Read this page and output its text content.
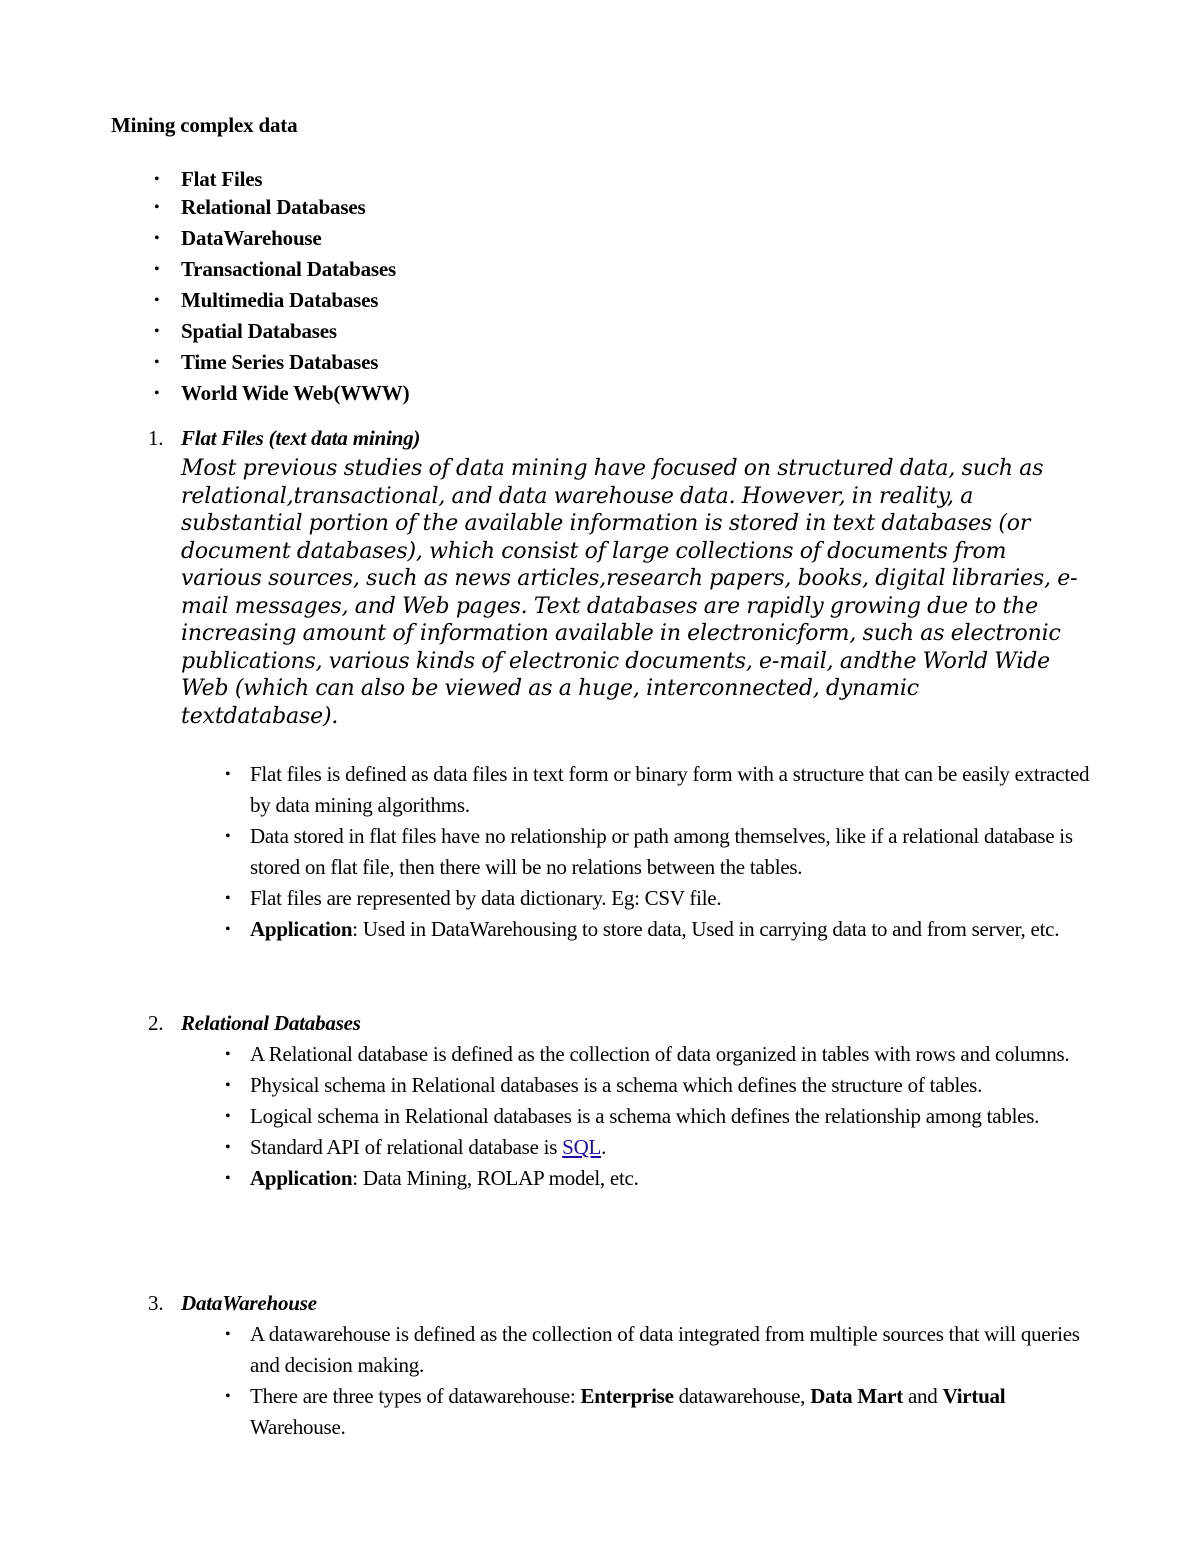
Mining complex data
• Flat Files
• Relational Databases
• DataWarehouse
• Transactional Databases
• Multimedia Databases
• Spatial Databases
• Time Series Databases
• World Wide Web(WWW)
1. Flat Files (text data mining)

Most previous studies of data mining have focused on structured data, such as relational,transactional, and data warehouse data. However, in reality, a substantial portion of the available information is stored in text databases (or document databases), which consist of large collections of documents from various sources, such as news articles,research papers, books, digital libraries, e-mail messages, and Web pages. Text databases are rapidly growing due to the increasing amount of information available in electronicform, such as electronic publications, various kinds of electronic documents, e-mail, andthe World Wide Web (which can also be viewed as a huge, interconnected, dynamic textdatabase).

• Flat files is defined as data files in text form or binary form with a structure that can be easily extracted by data mining algorithms.
• Data stored in flat files have no relationship or path among themselves, like if a relational database is stored on flat file, then there will be no relations between the tables.
• Flat files are represented by data dictionary. Eg: CSV file.
• Application: Used in DataWarehousing to store data, Used in carrying data to and from server, etc.
2. Relational Databases
• A Relational database is defined as the collection of data organized in tables with rows and columns.
• Physical schema in Relational databases is a schema which defines the structure of tables.
• Logical schema in Relational databases is a schema which defines the relationship among tables.
• Standard API of relational database is SQL.
• Application: Data Mining, ROLAP model, etc.
3. DataWarehouse
• A datawarehouse is defined as the collection of data integrated from multiple sources that will queries and decision making.
• There are three types of datawarehouse: Enterprise datawarehouse, Data Mart and Virtual Warehouse.
